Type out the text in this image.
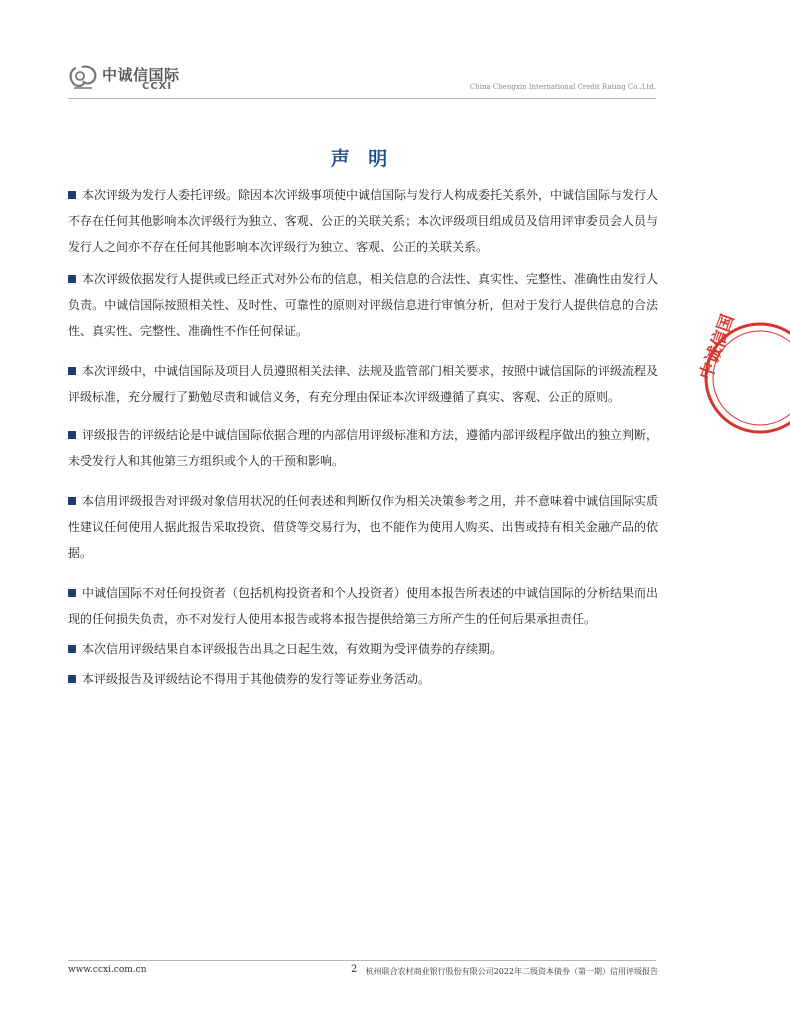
中诚信国际
CCXI	China Chengxin International Credit Rating Co.,Ltd.
声 明

本次评级为发行人委托评级。除因本次评级事项使中诚信国际与发行人构成委托关系外，中诚信国际与发行人不存在任何其他影响本次评级行为独立、客观、公正的关联关系；本次评级项目组成员及信用评审委员会人员与发行人之间亦不存在任何其他影响本次评级行为独立、客观、公正的关联关系。

本次评级依据发行人提供或已经正式对外公布的信息，相关信息的合法性、真实性、完整性、准确性由发行人负责。中诚信国际按照相关性、及时性、可靠性的原则对评级信息进行审慎分析，但对于发行人提供信息的合法性、真实性、完整性、准确性不作任何保证。

本次评级中，中诚信国际及项目人员遵照相关法律、法规及监管部门相关要求，按照中诚信国际的评级流程及评级标准，充分履行了勤勉尽责和诚信义务，有充分理由保证本次评级遵循了真实、客观、公正的原则。

评级报告的评级结论是中诚信国际依据合理的内部信用评级标准和方法，遵循内部评级程序做出的独立判断，未受发行人和其他第三方组织或个人的干预和影响。

本信用评级报告对评级对象信用状况的任何表述和判断仅作为相关决策参考之用，并不意味着中诚信国际实质性建议任何使用人据此报告采取投资、借贷等交易行为，也不能作为使用人购买、出售或持有相关金融产品的依据。

中诚信国际不对任何投资者（包括机构投资者和个人投资者）使用本报告所表述的中诚信国际的分析结果而出现的任何损失负责，亦不对发行人使用本报告或将本报告提供给第三方所产生的任何后果承担责任。

本次信用评级结果自本评级报告出具之日起生效，有效期为受评债券的存续期。

本评级报告及评级结论不得用于其他债券的发行等证券业务活动。

中诚信国
www.ccxi.com.cn	2 杭州联合农村商业银行股份有限公司2022年二级资本债券（第一期）信用评级报告
